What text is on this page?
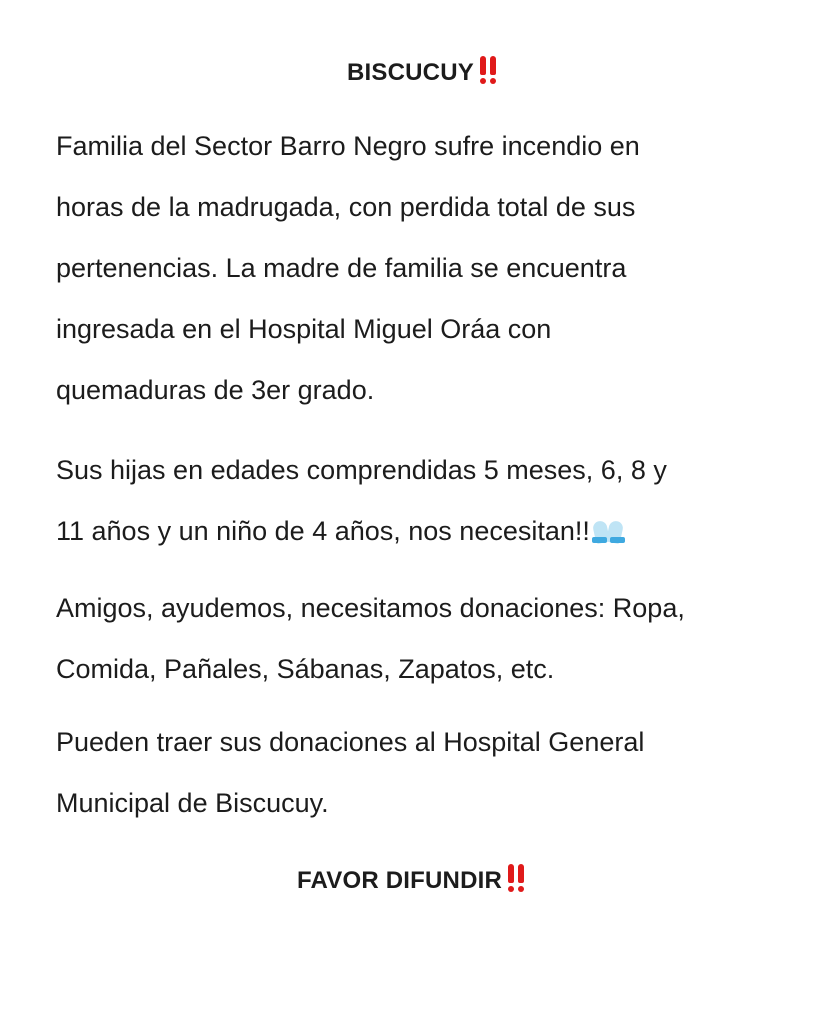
BISCUCUY
Familia del Sector Barro Negro sufre incendio en
horas de la madrugada, con perdida total de sus
pertenencias. La madre de familia se encuentra
ingresada en el Hospital Miguel Oráa con
quemaduras de 3er grado.
Sus hijas en edades comprendidas 5 meses, 6, 8 y
11 años y un niño de 4 años, nos necesitan!!
Amigos, ayudemos, necesitamos donaciones: Ropa,
Comida, Pañales, Sábanas, Zapatos, etc.
Pueden traer sus donaciones al Hospital General
Municipal de Biscucuy.
FAVOR DIFUNDIR
